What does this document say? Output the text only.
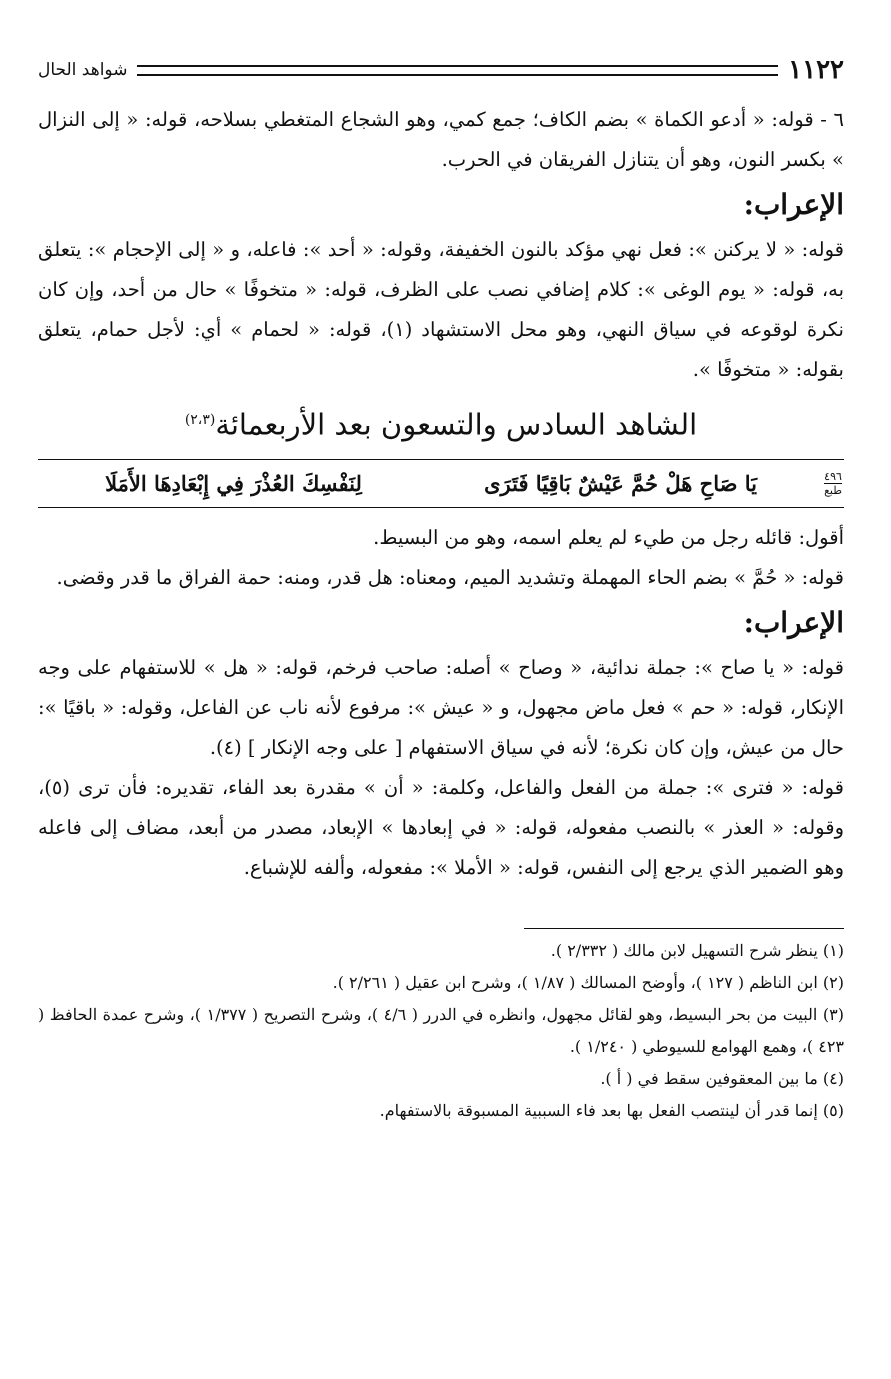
١١٢٢
شواهد الحال

٦ - قوله: « أدعو الكماة » بضم الكاف؛ جمع كمي، وهو الشجاع المتغطي بسلاحه، قوله: « إلى النزال » بكسر النون، وهو أن يتنازل الفريقان في الحرب.

الإعراب:

قوله: « لا يركنن »: فعل نهي مؤكد بالنون الخفيفة، وقوله: « أحد »: فاعله، و « إلى الإحجام »: يتعلق به، قوله: « يوم الوغى »: كلام إضافي نصب على الظرف، قوله: « متخوفًا » حال من أحد، وإن كان نكرة لوقوعه في سياق النهي، وهو محل الاستشهاد (١)، قوله: « لحمام » أي: لأجل حمام، يتعلق بقوله: « متخوفًا ».

الشاهد السادس والتسعون بعد الأربعمائة$^{(٢،٣)}$
٤٩٦
طبع
يَا صَاحِ هَلْ حُمَّ عَيْشٌ بَاقِيًا فَتَرَى
لِنَفْسِكَ العُذْرَ فِي إِبْعَادِهَا الأَمَلَا

أقول: قائله رجل من طيء لم يعلم اسمه، وهو من البسيط.

قوله: « حُمَّ » بضم الحاء المهملة وتشديد الميم، ومعناه: هل قدر، ومنه: حمة الفراق ما قدر وقضى.

الإعراب:

قوله: « يا صاح »: جملة ندائية، « وصاح » أصله: صاحب فرخم، قوله: « هل » للاستفهام على وجه الإنكار، قوله: « حم » فعل ماض مجهول، و « عيش »: مرفوع لأنه ناب عن الفاعل، وقوله: « باقيًا »: حال من عيش، وإن كان نكرة؛ لأنه في سياق الاستفهام [ على وجه الإنكار ] (٤).

قوله: « فترى »: جملة من الفعل والفاعل، وكلمة: « أن » مقدرة بعد الفاء، تقديره: فأن ترى (٥)، وقوله: « العذر » بالنصب مفعوله، قوله: « في إبعادها » الإبعاد، مصدر من أبعد، مضاف إلى فاعله وهو الضمير الذي يرجع إلى النفس، قوله: « الأملا »: مفعوله، وألفه للإشباع.

(١) ينظر شرح التسهيل لابن مالك ( ٢/٣٣٢ ).

(٢) ابن الناظم ( ١٢٧ )، وأوضح المسالك ( ١/٨٧ )، وشرح ابن عقيل ( ٢/٢٦١ ).

(٣) البيت من بحر البسيط، وهو لقائل مجهول، وانظره في الدرر ( ٤/٦ )، وشرح التصريح ( ١/٣٧٧ )، وشرح عمدة الحافظ ( ٤٢٣ )، وهمع الهوامع للسيوطي ( ١/٢٤٠ ).

(٤) ما بين المعقوفين سقط في ( أ ).

(٥) إنما قدر أن لينتصب الفعل بها بعد فاء السببية المسبوقة بالاستفهام.
